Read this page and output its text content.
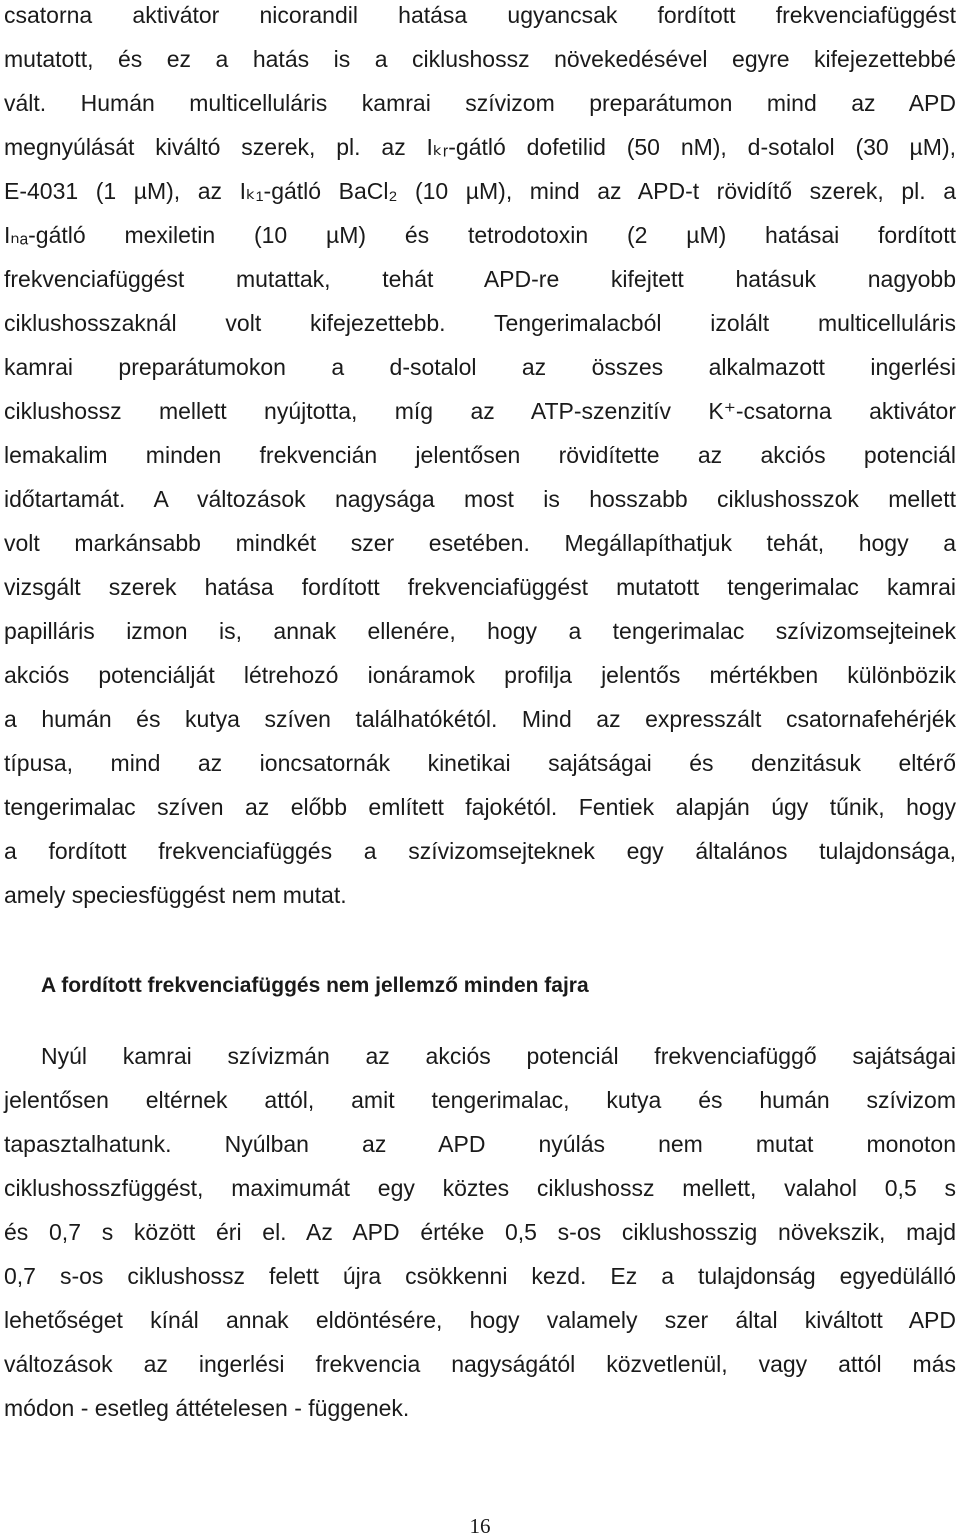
csatorna aktivátor nicorandil hatása ugyancsak fordított frekvenciafüggést
mutatott, és ez a hatás is a ciklushossz növekedésével egyre kifejezettebbé
vált. Humán multicelluláris kamrai szívizom preparátumon mind az APD
megnyúlását kiváltó szerek, pl. az Iₖᵣ-gátló dofetilid (50 nM), d-sotalol (30 µM),
E-4031 (1 µM), az Iₖ₁-gátló BaCl₂ (10 µM), mind az APD-t rövidítő szerek, pl. a
Iₙₐ-gátló mexiletin (10 µM) és tetrodotoxin (2 µM) hatásai fordított
frekvenciafüggést mutattak, tehát APD-re kifejtett hatásuk nagyobb
ciklushosszaknál volt kifejezettebb. Tengerimalacból izolált multicelluláris
kamrai preparátumokon a d-sotalol az összes alkalmazott ingerlési
ciklushossz mellett nyújtotta, míg az ATP-szenzitív K⁺-csatorna aktivátor
lemakalim minden frekvencián jelentősen rövidítette az akciós potenciál
időtartamát. A változások nagysága most is hosszabb ciklushosszok mellett
volt markánsabb mindkét szer esetében. Megállapíthatjuk tehát, hogy a
vizsgált szerek hatása fordított frekvenciafüggést mutatott tengerimalac kamrai
papilláris izmon is, annak ellenére, hogy a tengerimalac szívizomsejteinek
akciós potenciálját létrehozó ionáramok profilja jelentős mértékben különbözik
a humán és kutya szíven találhatókétól. Mind az expresszált csatornafehérjék
típusa, mind az ioncsatornák kinetikai sajátságai és denzitásuk eltérő
tengerimalac szíven az előbb említett fajokétól. Fentiek alapján úgy tűnik, hogy
a fordított frekvenciafüggés a szívizomsejteknek egy általános tulajdonsága,
amely speciesfüggést nem mutat.
A fordított frekvenciafüggés nem jellemző minden fajra
Nyúl kamrai szívizmán az akciós potenciál frekvenciafüggő sajátságai
jelentősen eltérnek attól, amit tengerimalac, kutya és humán szívizom
tapasztalhatunk. Nyúlban az APD nyúlás nem mutat monoton
ciklushosszfüggést, maximumát egy köztes ciklushossz mellett, valahol 0,5 s
és 0,7 s között éri el. Az APD értéke 0,5 s-os ciklushosszig növekszik, majd
0,7 s-os ciklushossz felett újra csökkenni kezd. Ez a tulajdonság egyedülálló
lehetőséget kínál annak eldöntésére, hogy valamely szer által kiváltott APD
változások az ingerlési frekvencia nagyságától közvetlenül, vagy attól más
módon - esetleg áttételesen - függenek.
16
